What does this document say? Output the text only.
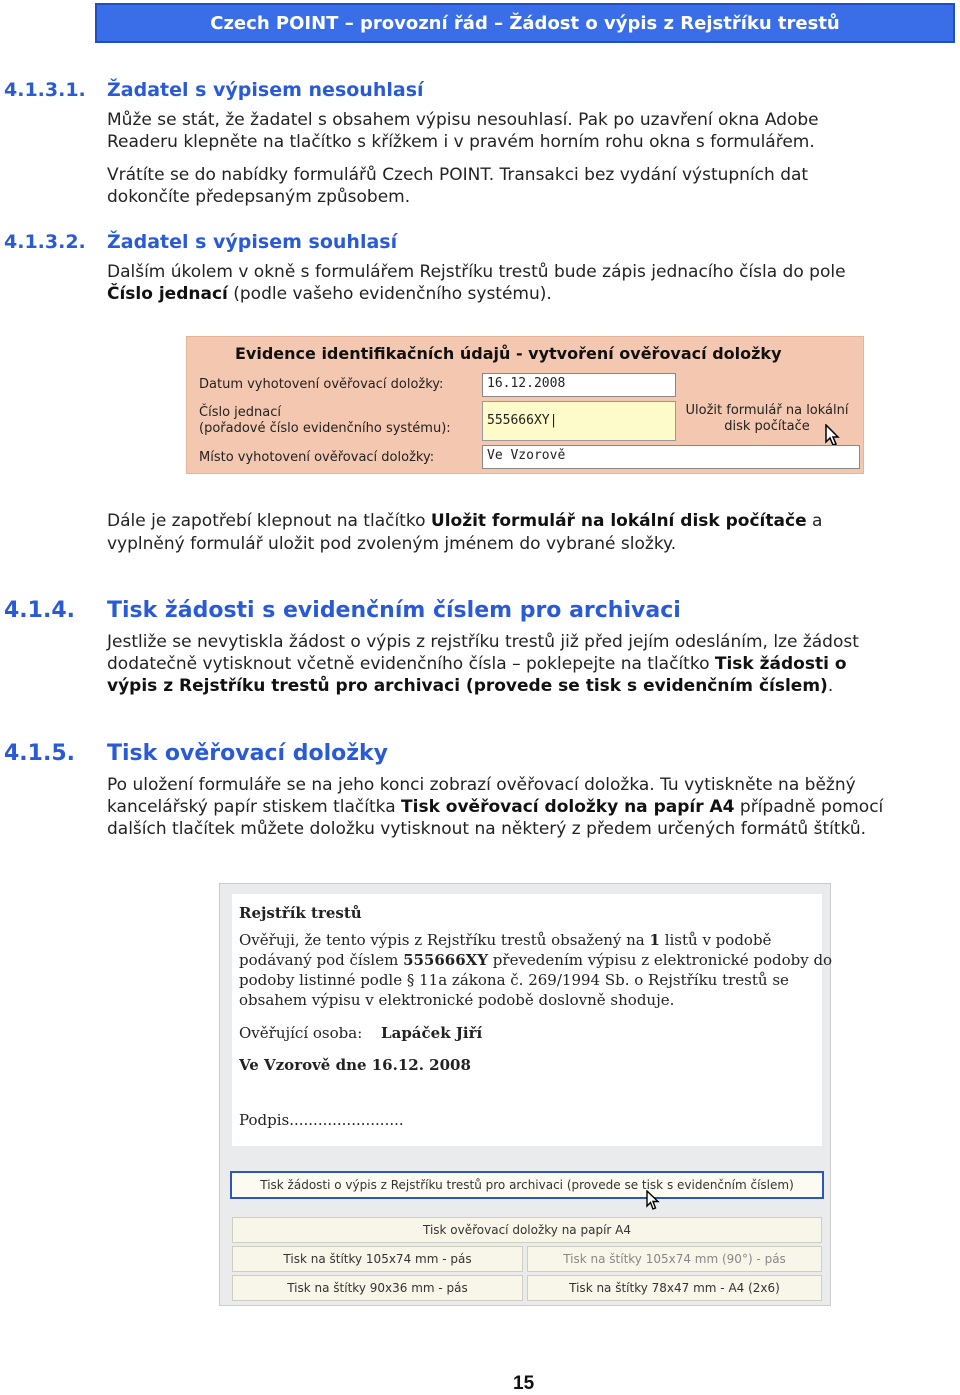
Czech POINT – provozní řád – Žádost o výpis z Rejstříku trestů
4.1.3.1. Žadatel s výpisem nesouhlasí
Může se stát, že žadatel s obsahem výpisu nesouhlasí. Pak po uzavření okna Adobe
Readeru klepněte na tlačítko s křížkem i v pravém horním rohu okna s formulářem.
Vrátíte se do nabídky formulářů Czech POINT. Transakci bez vydání výstupních dat
dokončíte předepsaným způsobem.
4.1.3.2. Žadatel s výpisem souhlasí
Dalším úkolem v okně s formulářem Rejstříku trestů bude zápis jednacího čísla do pole
Číslo jednací (podle vašeho evidenčního systému).
Evidence identifikačních údajů - vytvoření ověřovací doložky
Datum vyhotovení ověřovací doložky:	16.12.2008
Číslo jednací
(pořadové číslo evidenčního systému):
555666XY|
Uložit formulář na lokální
disk počítače
Místo vyhotovení ověřovací doložky:	Ve Vzorově
Dále je zapotřebí klepnout na tlačítko Uložit formulář na lokální disk počítače a
vyplněný formulář uložit pod zvoleným jménem do vybrané složky.
4.1.4. Tisk žádosti s evidenčním číslem pro archivaci
Jestliže se nevytiskla žádost o výpis z rejstříku trestů již před jejím odesláním, lze žádost
dodatečně vytisknout včetně evidenčního čísla – poklepejte na tlačítko Tisk žádosti o
výpis z Rejstříku trestů pro archivaci (provede se tisk s evidenčním číslem).
4.1.5. Tisk ověřovací doložky
Po uložení formuláře se na jeho konci zobrazí ověřovací doložka. Tu vytiskněte na běžný
kancelářský papír stiskem tlačítka Tisk ověřovací doložky na papír A4 případně pomocí
dalších tlačítek můžete doložku vytisknout na některý z předem určených formátů štítků.
Rejstřík trestů
Ověřuji, že tento výpis z Rejstříku trestů obsažený na 1 listů v podobě
podávaný pod číslem 555666XY převedením výpisu z elektronické podoby do
podoby listinné podle § 11a zákona č. 269/1994 Sb. o Rejstříku trestů se
obsahem výpisu v elektronické podobě doslovně shoduje.
Ověřující osoba: Lapáček Jiří
Ve Vzorově dne 16.12. 2008
Podpis........................
Tisk žádosti o výpis z Rejstříku trestů pro archivaci (provede se tisk s evidenčním číslem)
Tisk ověřovací doložky na papír A4
Tisk na štítky 105x74 mm - pás	Tisk na štítky 105x74 mm (90°) - pás
Tisk na štítky 90x36 mm - pás	Tisk na štítky 78x47 mm - A4 (2x6)
15
